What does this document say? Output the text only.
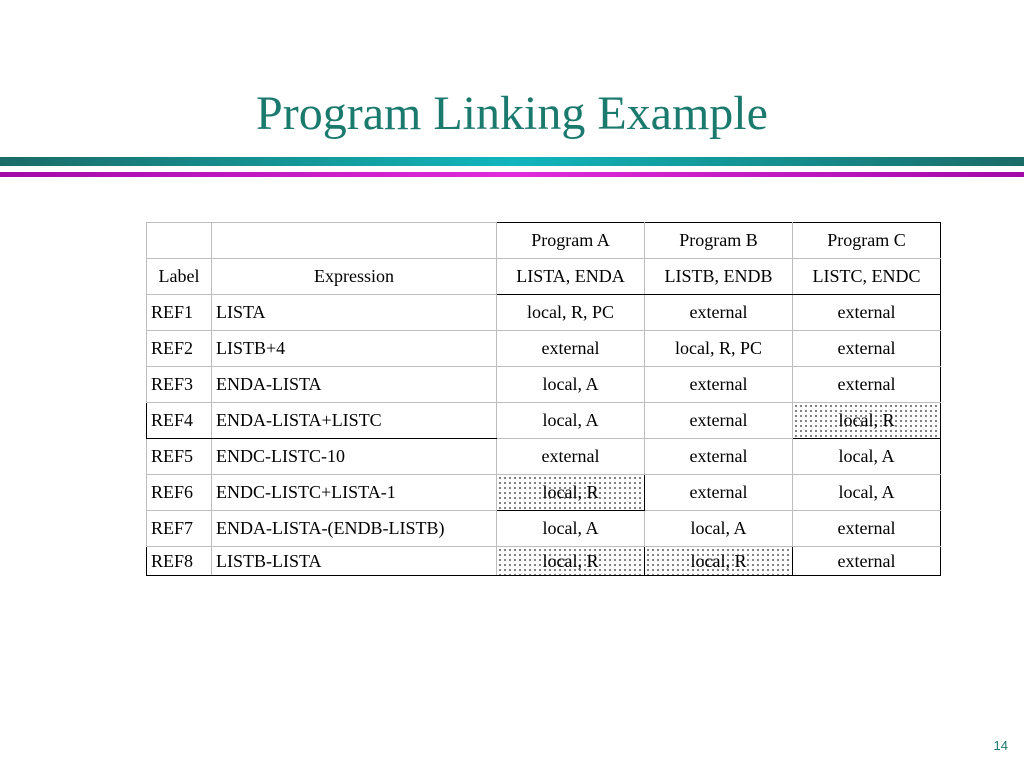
Program Linking Example
		Program A	Program B	Program C
Label	Expression	LISTA, ENDA	LISTB, ENDB	LISTC, ENDC
REF1	LISTA	local, R, PC	external	external
REF2	LISTB+4	external	local, R, PC	external
REF3	ENDA-LISTA	local, A	external	external
REF4	ENDA-LISTA+LISTC	local, A	external	local, R
REF5	ENDC-LISTC-10	external	external	local, A
REF6	ENDC-LISTC+LISTA-1	local, R	external	local, A
REF7	ENDA-LISTA-(ENDB-LISTB)	local, A	local, A	external
REF8	LISTB-LISTA	local, R	local, R	external
14
